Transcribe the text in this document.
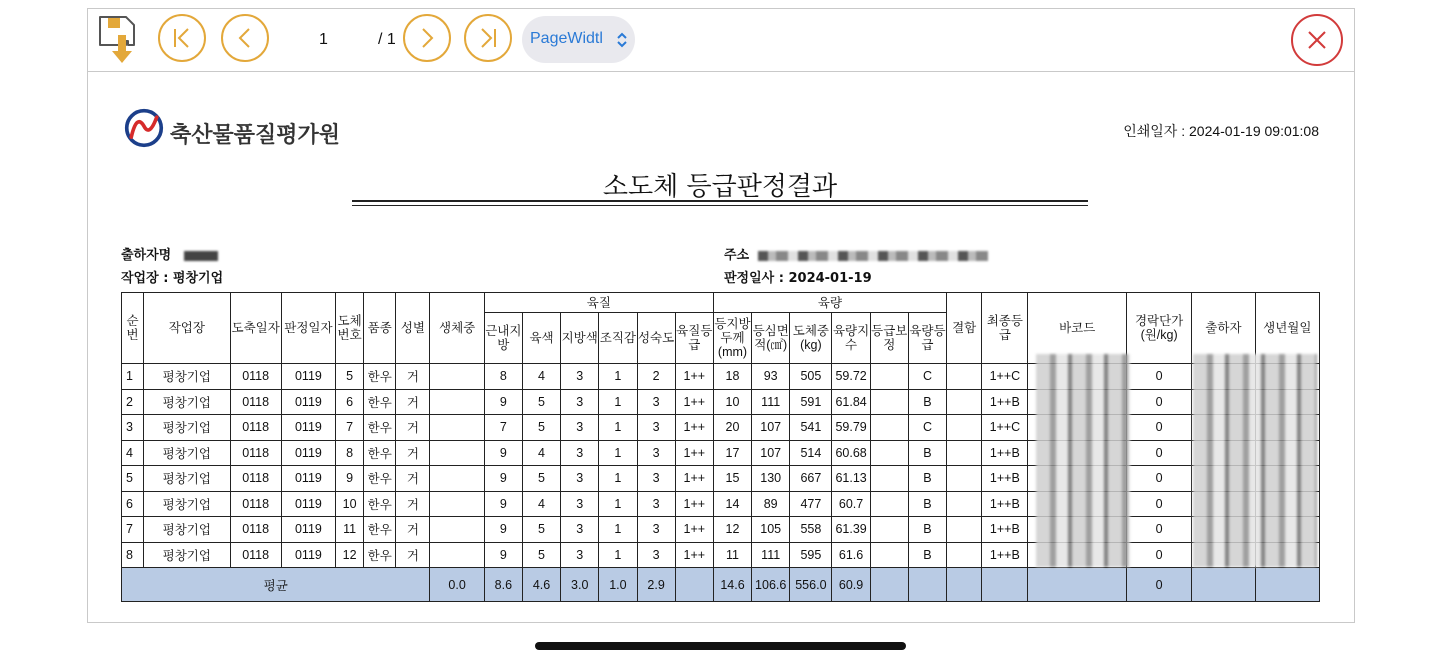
1	/ 1	PageWidtl
축산물품질평가원	인쇄일자 : 2024-01-19 09:01:08
소도체 등급판정결과
출하자명
작업장 : 평창기업
주소
판정일사 : 2024-01-19
순번	작업장	도축일자	판정일자	도체번호	품종	성별	생체중	육질						육량						결함	최종등급	바코드	경락단가(원/kg)	출하자	생년월일
								근내지방	육색	지방색	조직감	성숙도	육질등급	등지방두께(mm)	등심면적(㎠)	도체중(kg)	육량지수	등급보정	육량등급						
1	평창기업	0118	0119	5	한우	거		8	4	3	1	2	1++	18	93	505	59.72		C		1++C		0		
2	평창기업	0118	0119	6	한우	거		9	5	3	1	3	1++	10	111	591	61.84		B		1++B		0		
3	평창기업	0118	0119	7	한우	거		7	5	3	1	3	1++	20	107	541	59.79		C		1++C		0		
4	평창기업	0118	0119	8	한우	거		9	4	3	1	3	1++	17	107	514	60.68		B		1++B		0		
5	평창기업	0118	0119	9	한우	거		9	5	3	1	3	1++	15	130	667	61.13		B		1++B		0		
6	평창기업	0118	0119	10	한우	거		9	4	3	1	3	1++	14	89	477	60.7		B		1++B		0		
7	평창기업	0118	0119	11	한우	거		9	5	3	1	3	1++	12	105	558	61.39		B		1++B		0		
8	평창기업	0118	0119	12	한우	거		9	5	3	1	3	1++	11	111	595	61.6		B		1++B		0		
평균							0.0	8.6	4.6	3.0	1.0	2.9		14.6	106.6	556.0	60.9						0		
